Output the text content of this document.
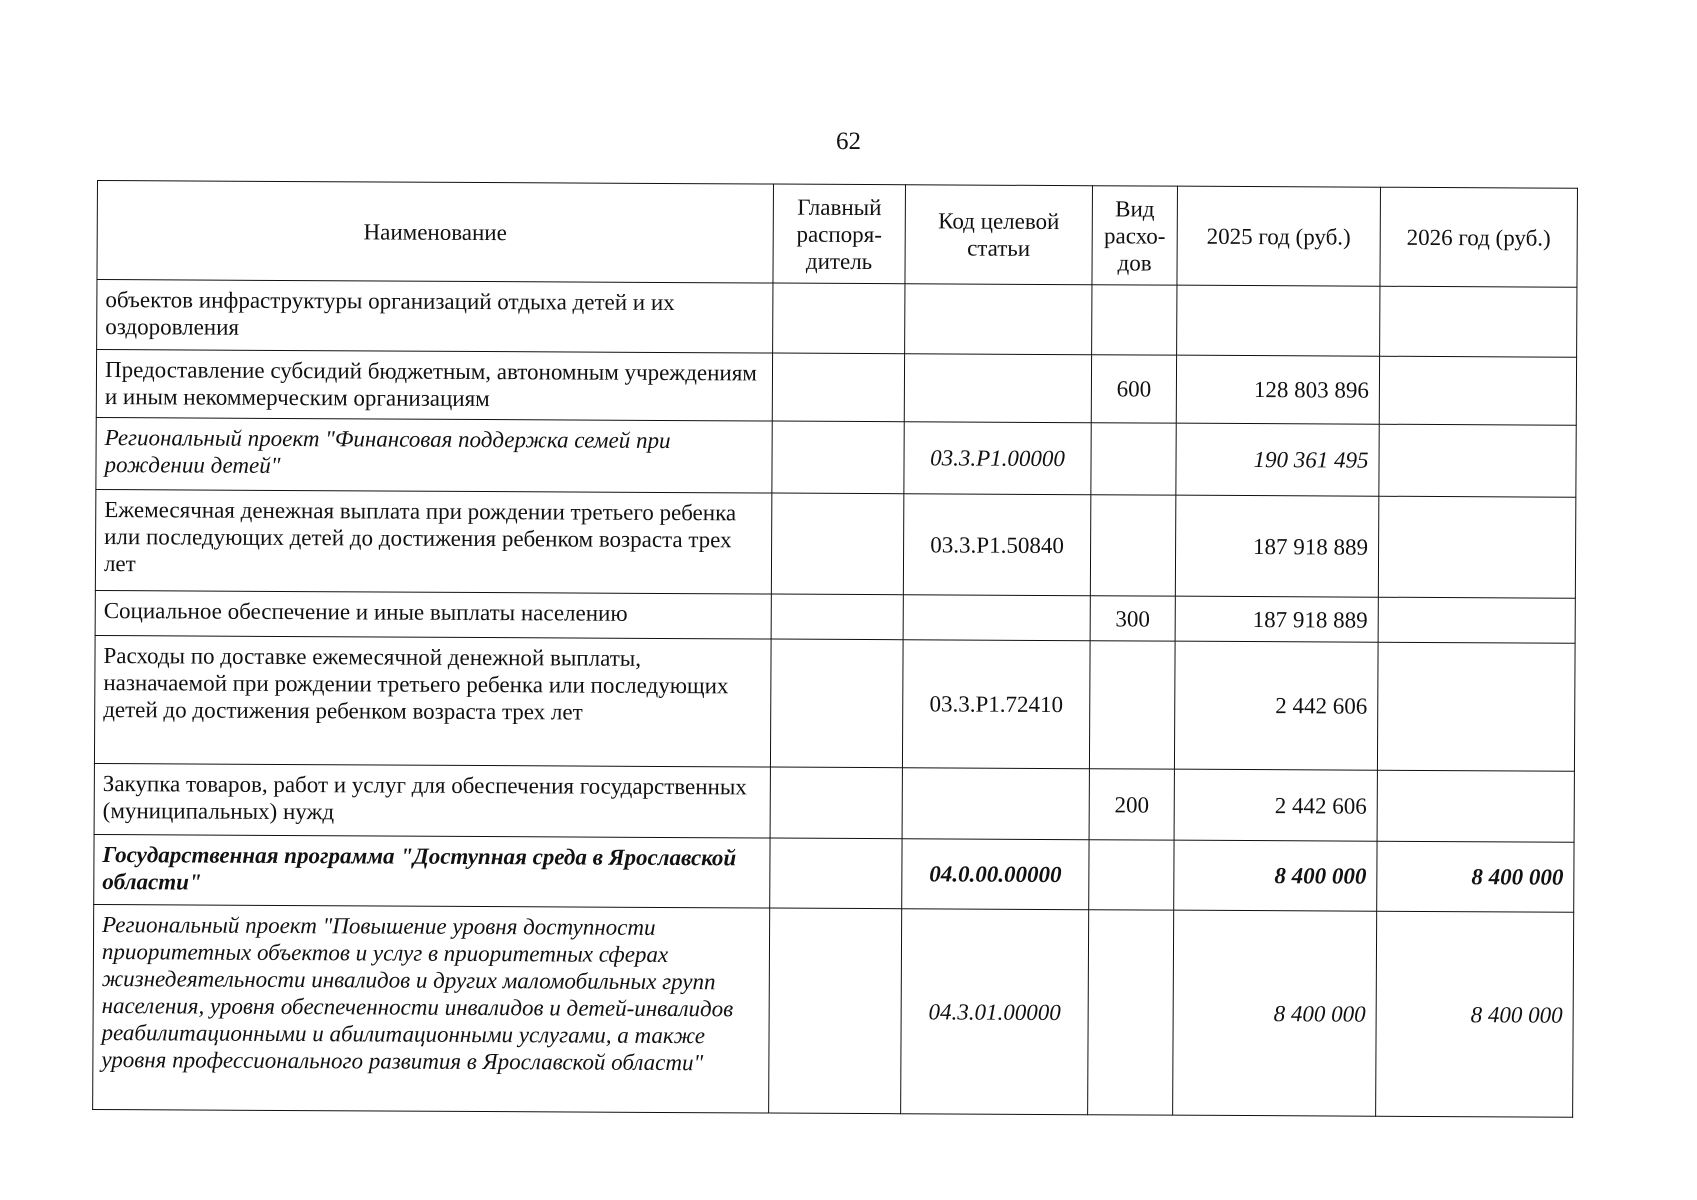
62
Наименование	Главный распоря-дитель	Код целевой статьи	Вид расхо-дов	2025 год (руб.)	2026 год (руб.)
объектов инфраструктуры организаций отдыха детей и их оздоровления					
Предоставление субсидий бюджетным, автономным учреждениям и иным некоммерческим организациям			600	128 803 896	
Региональный проект "Финансовая поддержка семей при рождении детей"		03.3.P1.00000		190 361 495	
Ежемесячная денежная выплата при рождении третьего ребенка или последующих детей до достижения ребенком возраста трех лет		03.3.P1.50840		187 918 889	
Социальное обеспечение и иные выплаты населению			300	187 918 889	
Расходы по доставке ежемесячной денежной выплаты, назначаемой при рождении третьего ребенка или последующих детей до достижения ребенком возраста трех лет		03.3.P1.72410		2 442 606	
Закупка товаров, работ и услуг для обеспечения государственных (муниципальных) нужд			200	2 442 606	
Государственная программа "Доступная среда в Ярославской области"		04.0.00.00000		8 400 000	8 400 000
Региональный проект "Повышение уровня доступности приоритетных объектов и услуг в приоритетных сферах жизнедеятельности инвалидов и других маломобильных групп населения, уровня обеспеченности инвалидов и детей-инвалидов реабилитационными и абилитационными услугами, а также уровня профессионального развития в Ярославской области"		04.3.01.00000		8 400 000	8 400 000
